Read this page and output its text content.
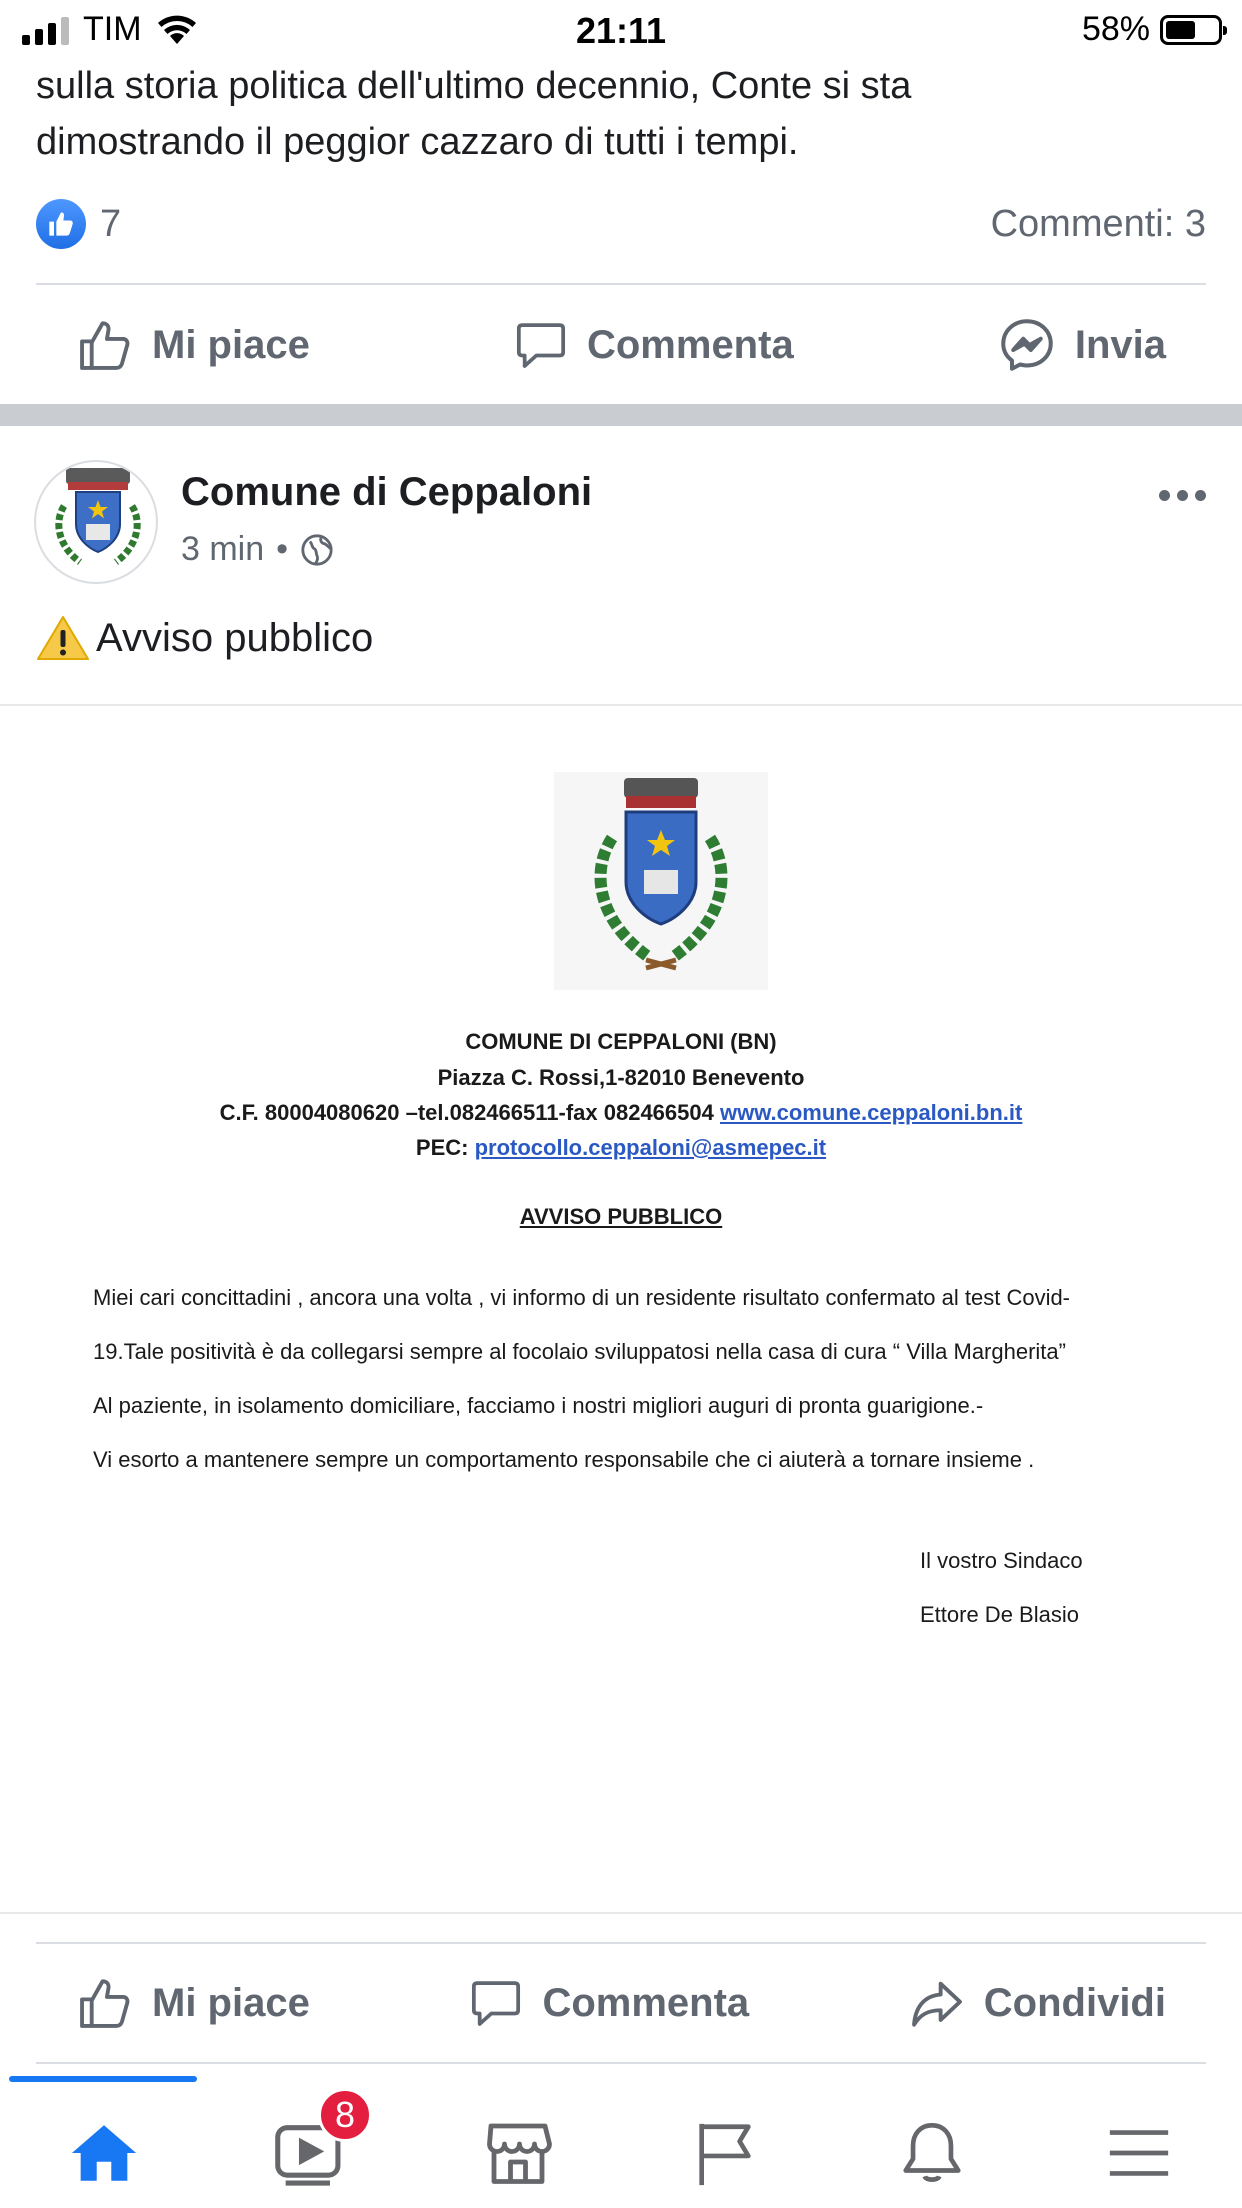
TIM	21:11	58%
sulla storia politica dell'ultimo decennio, Conte si sta
dimostrando il peggior cazzaro di tutti i tempi.
7	Commenti: 3
Mi piace	Commenta	Invia
Comune di Ceppaloni
3 min •
Avviso pubblico
COMUNE DI CEPPALONI (BN)
Piazza C. Rossi,1-82010 Benevento
C.F. 80004080620 –tel.082466511-fax 082466504 www.comune.ceppaloni.bn.it
PEC: protocollo.ceppaloni@asmepec.it
AVVISO PUBBLICO

Miei cari concittadini , ancora una volta , vi informo di un residente risultato confermato al test Covid-

19.Tale positività è da collegarsi sempre al focolaio sviluppatosi nella casa di cura “ Villa Margherita”

Al paziente, in isolamento domiciliare, facciamo i nostri migliori auguri di pronta guarigione.-

Vi esorto a mantenere sempre un comportamento responsabile che ci aiuterà a tornare insieme .

Il vostro Sindaco

Ettore De Blasio

Mi piace	Commenta	Condividi
8
